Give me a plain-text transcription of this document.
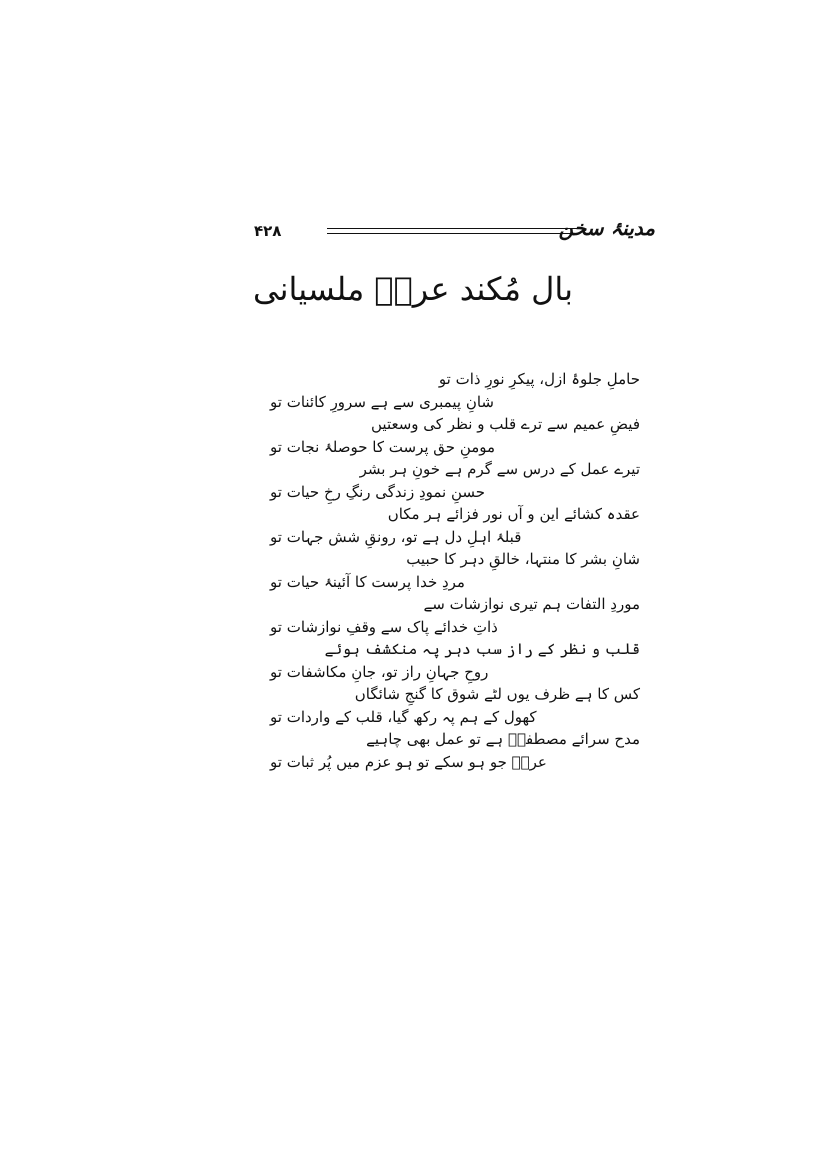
۴۲۸	مدینۂ سخن
بال مُکند عرشؔ ملسیانی
حاملِ جلوۂ ازل، پیکرِ نورِ ذات تو
شانِ پیمبری سے ہے سرورِ کائنات تو
فیضِ عمیم سے ترے قلب و نظر کی وسعتیں
مومنِ حق پرست کا حوصلۂ نجات تو
تیرے عمل کے درس سے گرم ہے خونِ ہر بشر
حسنِ نمودِ زندگی رنگِ رخِ حیات تو
عقدہ کشائے این و آں نور فزائے ہر مکاں
قبلۂ اہلِ دل ہے تو، رونقِ شش جہات تو
شانِ بشر کا منتہا، خالقِ دہر کا حبیب
مردِ خدا پرست کا آئینۂ حیات تو
موردِ التفات ہم تیری نوازشات سے
ذاتِ خدائے پاک سے وقفِ نوازشات تو
قلب و نظر کے راز سب دہر پہ منکشف ہوئے
روحِ جہانِ راز تو، جانِ مکاشفات تو
کس کا ہے ظرف یوں لٹے شوق کا گنجِ شائگاں
کھول کے ہم پہ رکھ گیا، قلب کے واردات تو
مدح سرائے مصطفیؐ ہے تو عمل بھی چاہیے
عرشؔ جو ہو سکے تو ہو عزم میں پُر ثبات تو
